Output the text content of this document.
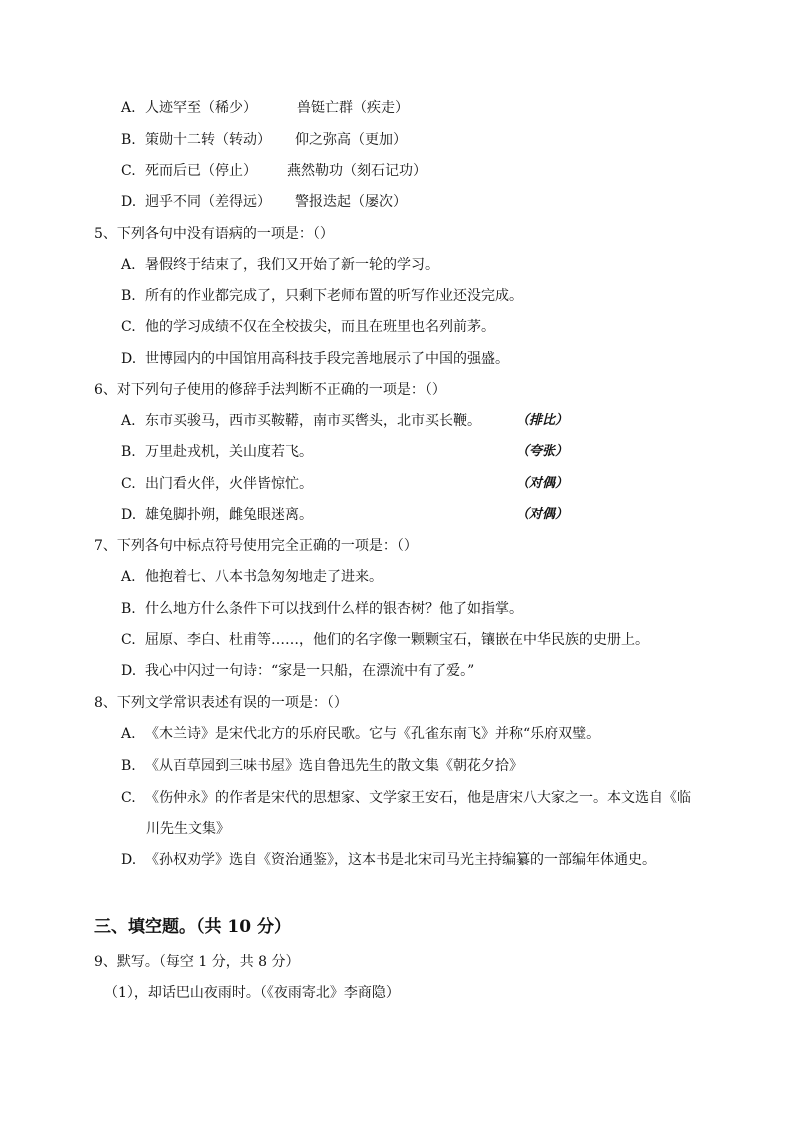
A. 人迹罕至（稀少）	兽铤亡群（疾走）
B. 策勋十二转（转动） 仰之弥高（更加）
C. 死而后已（停止） 燕然勒功（刻石记功）
D. 迥乎不同（差得远） 警报迭起（屡次）
5、下列各句中没有语病的一项是：（）
A. 暑假终于结束了，我们又开始了新一轮的学习。
B. 所有的作业都完成了，只剩下老师布置的听写作业还没完成。
C. 他的学习成绩不仅在全校拔尖，而且在班里也名列前茅。
D. 世博园内的中国馆用高科技手段完善地展示了中国的强盛。
6、对下列句子使用的修辞手法判断不正确的一项是：（）
A. 东市买骏马，西市买鞍鞯，南市买辔头，北市买长鞭。	（排比）
B. 万里赴戎机，关山度若飞。	（夸张）
C. 出门看火伴，火伴皆惊忙。	（对偶）
D. 雄兔脚扑朔，雌兔眼迷离。	（对偶）
7、下列各句中标点符号使用完全正确的一项是：（）
A. 他抱着七、八本书急匆匆地走了进来。
B. 什么地方什么条件下可以找到什么样的银杏树？他了如指掌。
C. 屈原、李白、杜甫等……，他们的名字像一颗颗宝石，镶嵌在中华民族的史册上。
D. 我心中闪过一句诗：“家是一只船，在漂流中有了爱。”
8、下列文学常识表述有误的一项是：（）
A. 《木兰诗》是宋代北方的乐府民歌。它与《孔雀东南飞》并称“乐府双璧。
B. 《从百草园到三味书屋》选自鲁迅先生的散文集《朝花夕拾》
C. 《伤仲永》的作者是宋代的思想家、文学家王安石，他是唐宋八大家之一。本文选自《临
川先生文集》
D. 《孙权劝学》选自《资治通鉴》，这本书是北宋司马光主持编纂的一部编年体通史。
三、填空题。（共 10 分）
9、默写。（每空 1 分，共 8 分）
（1），却话巴山夜雨时。（《夜雨寄北》李商隐）
